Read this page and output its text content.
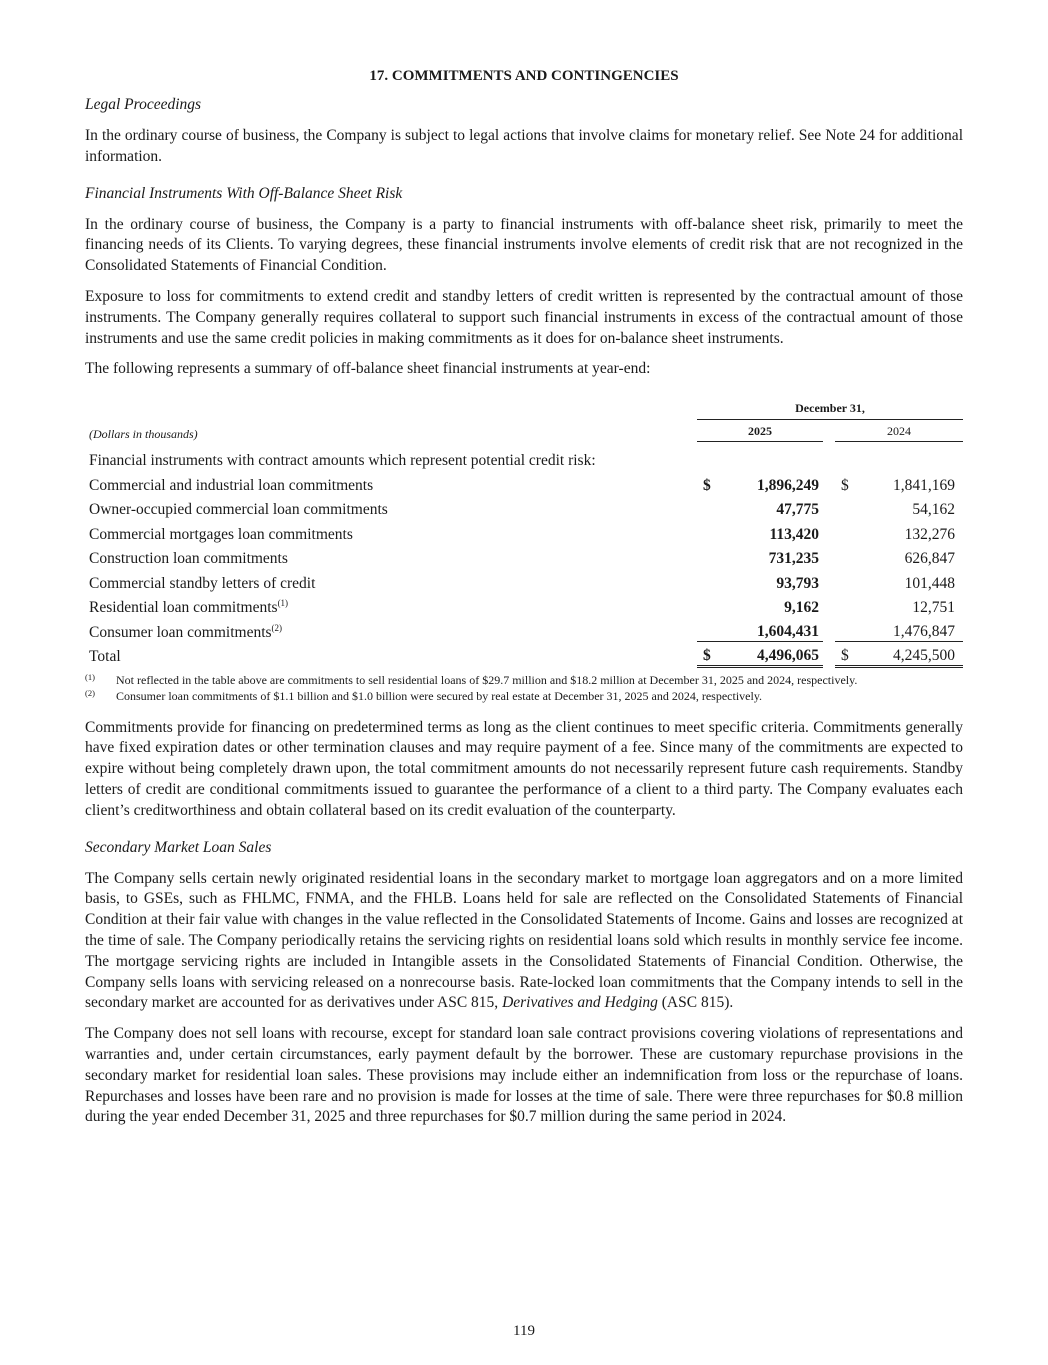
17. COMMITMENTS AND CONTINGENCIES
Legal Proceedings

In the ordinary course of business, the Company is subject to legal actions that involve claims for monetary relief. See Note 24 for additional information.

Financial Instruments With Off-Balance Sheet Risk

In the ordinary course of business, the Company is a party to financial instruments with off-balance sheet risk, primarily to meet the financing needs of its Clients. To varying degrees, these financial instruments involve elements of credit risk that are not recognized in the Consolidated Statements of Financial Condition.

Exposure to loss for commitments to extend credit and standby letters of credit written is represented by the contractual amount of those instruments. The Company generally requires collateral to support such financial instruments in excess of the contractual amount of those instruments and use the same credit policies in making commitments as it does for on-balance sheet instruments.

The following represents a summary of off-balance sheet financial instruments at year-end:

	December 31,				
(Dollars in thousands)	2025			2024	
Financial instruments with contract amounts which represent potential credit risk:					
Commercial and industrial loan commitments	$	1,896,249		$	1,841,169
Owner-occupied commercial loan commitments		47,775			54,162
Commercial mortgages loan commitments		113,420			132,276
Construction loan commitments		731,235			626,847
Commercial standby letters of credit		93,793			101,448
Residential loan commitments$^{(1)}$		9,162			12,751
Consumer loan commitments$^{(2)}$		1,604,431			1,476,847
Total	$	4,496,065		$	4,245,500
(1) Not reflected in the table above are commitments to sell residential loans of $29.7 million and $18.2 million at December 31, 2025 and 2024, respectively.
(2) Consumer loan commitments of $1.1 billion and $1.0 billion were secured by real estate at December 31, 2025 and 2024, respectively.

Commitments provide for financing on predetermined terms as long as the client continues to meet specific criteria. Commitments generally have fixed expiration dates or other termination clauses and may require payment of a fee. Since many of the commitments are expected to expire without being completely drawn upon, the total commitment amounts do not necessarily represent future cash requirements. Standby letters of credit are conditional commitments issued to guarantee the performance of a client to a third party. The Company evaluates each client’s creditworthiness and obtain collateral based on its credit evaluation of the counterparty.

Secondary Market Loan Sales

The Company sells certain newly originated residential loans in the secondary market to mortgage loan aggregators and on a more limited basis, to GSEs, such as FHLMC, FNMA, and the FHLB. Loans held for sale are reflected on the Consolidated Statements of Financial Condition at their fair value with changes in the value reflected in the Consolidated Statements of Income. Gains and losses are recognized at the time of sale. The Company periodically retains the servicing rights on residential loans sold which results in monthly service fee income. The mortgage servicing rights are included in Intangible assets in the Consolidated Statements of Financial Condition. Otherwise, the Company sells loans with servicing released on a nonrecourse basis. Rate-locked loan commitments that the Company intends to sell in the secondary market are accounted for as derivatives under ASC 815, Derivatives and Hedging (ASC 815).

The Company does not sell loans with recourse, except for standard loan sale contract provisions covering violations of representations and warranties and, under certain circumstances, early payment default by the borrower. These are customary repurchase provisions in the secondary market for residential loan sales. These provisions may include either an indemnification from loss or the repurchase of loans. Repurchases and losses have been rare and no provision is made for losses at the time of sale. There were three repurchases for $0.8 million during the year ended December 31, 2025 and three repurchases for $0.7 million during the same period in 2024.

119
